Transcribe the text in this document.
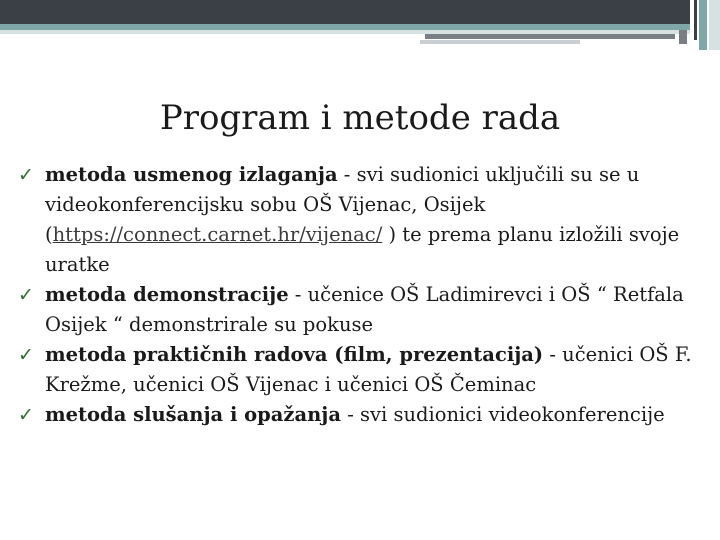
Program i metode rada
✓ metoda usmenog izlaganja - svi sudionici uključili su se u videokonferencijsku sobu OŠ Vijenac, Osijek (https://connect.carnet.hr/vijenac/ ) te prema planu izložili svoje uratke
✓ metoda demonstracije - učenice OŠ Ladimirevci i OŠ “ Retfala Osijek “ demonstrirale su pokuse
✓ metoda praktičnih radova (film, prezentacija) - učenici OŠ F. Krežme, učenici OŠ Vijenac i učenici OŠ Čeminac
✓ metoda slušanja i opažanja - svi sudionici videokonferencije
